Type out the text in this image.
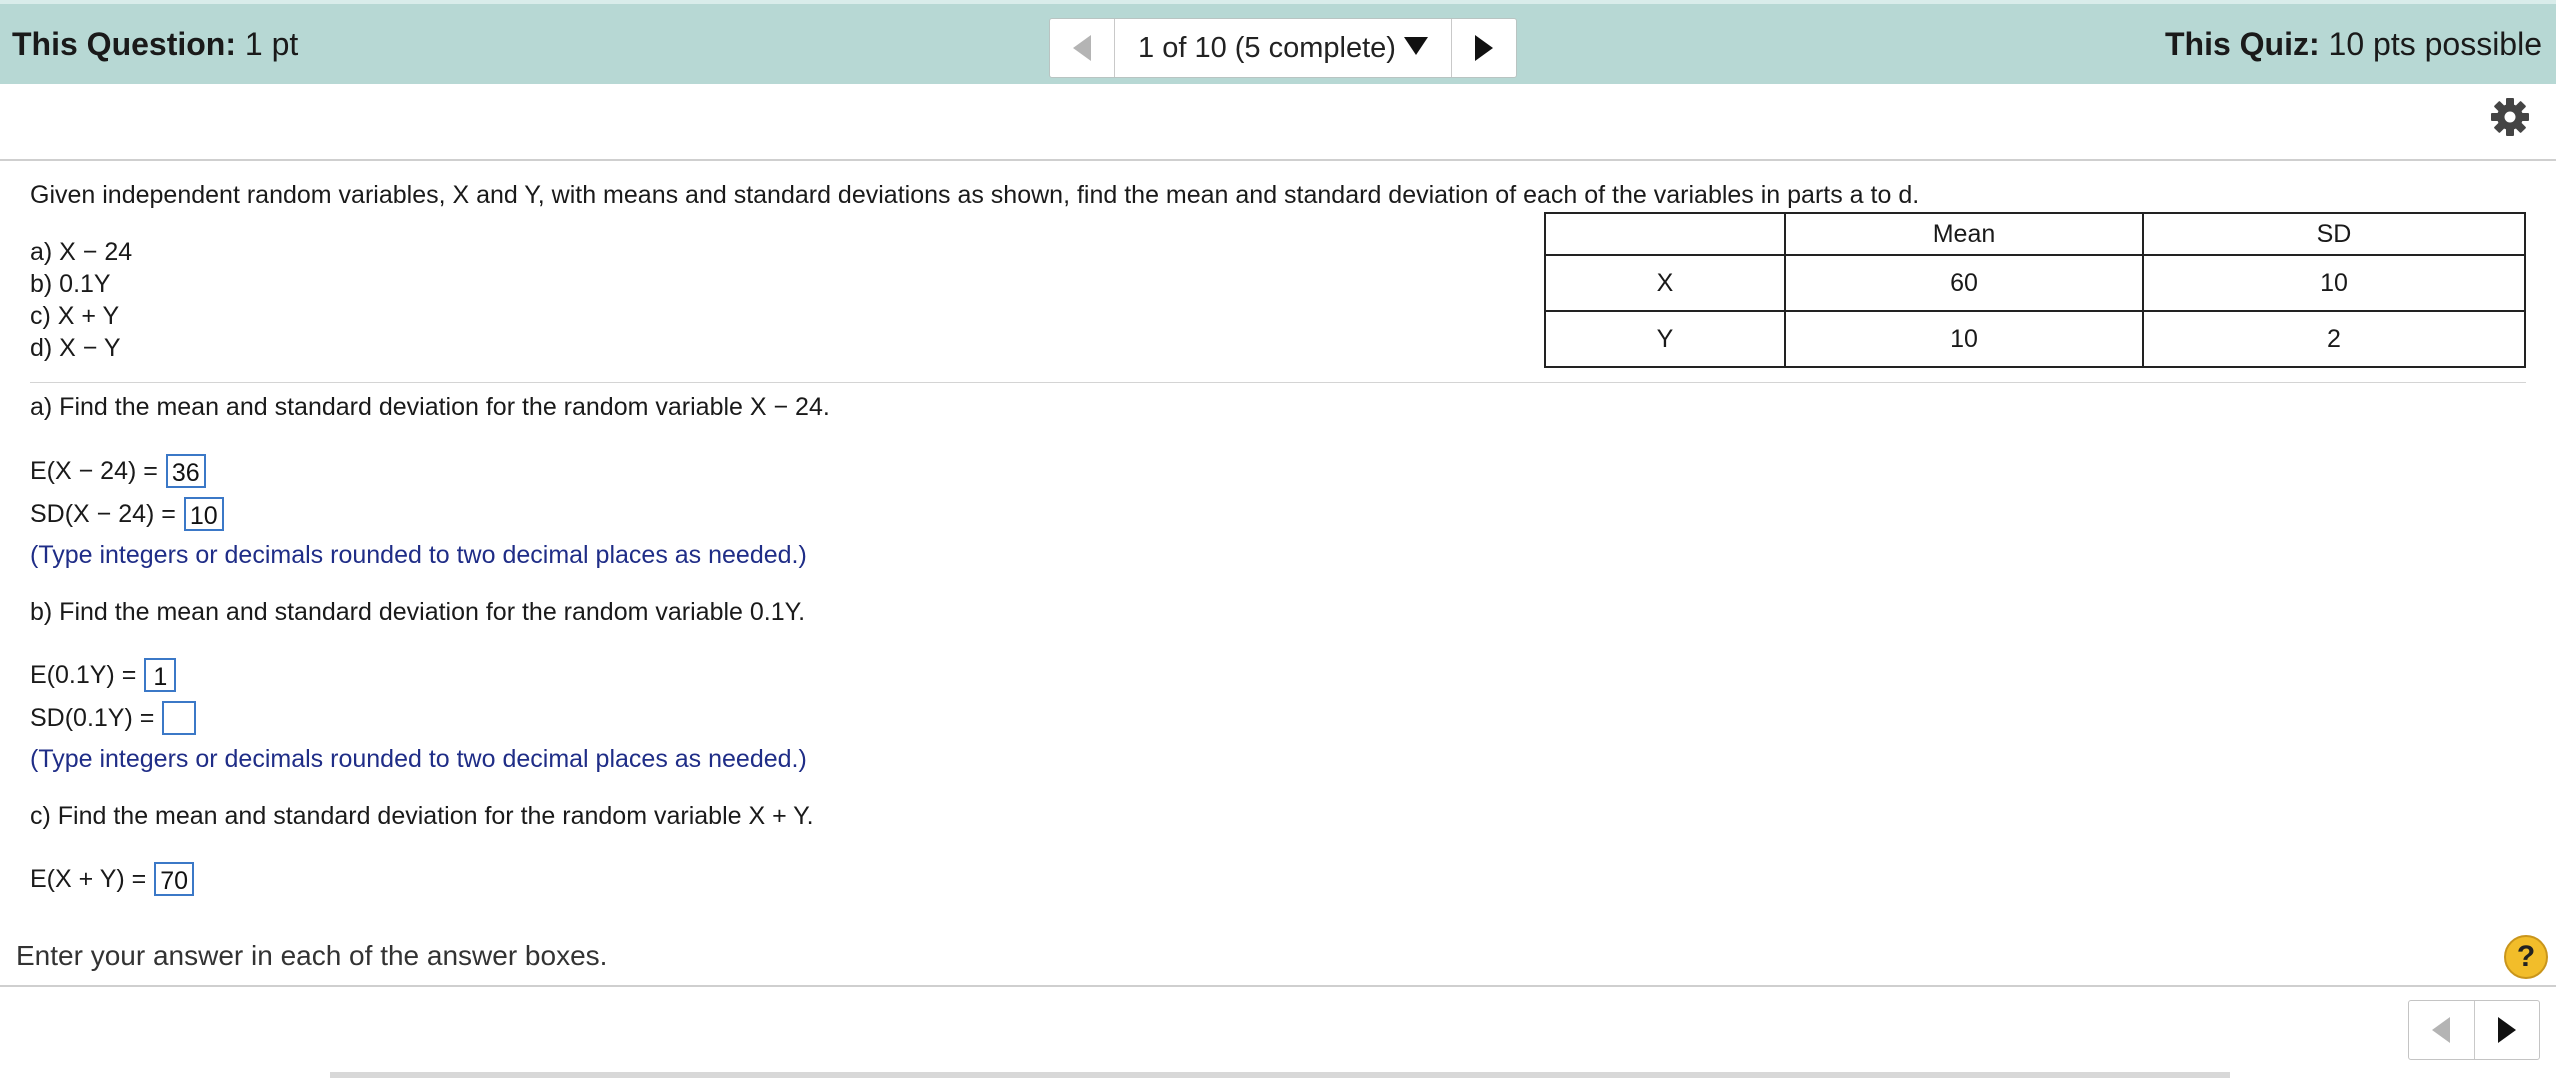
This Question: 1 pt	1 of 10 (5 complete)	This Quiz: 10 pts possible
Given independent random variables, X and Y, with means and standard deviations as shown, find the mean and standard deviation of each of the variables in parts a to d.
a) X − 24
b) 0.1Y
c) X + Y
d) X − Y
	Mean	SD
X	60	10
Y	10	2
a) Find the mean and standard deviation for the random variable X − 24.
E(X − 24) = 36
SD(X − 24) = 10
(Type integers or decimals rounded to two decimal places as needed.)
b) Find the mean and standard deviation for the random variable 0.1Y.
E(0.1Y) = 1
SD(0.1Y) =
(Type integers or decimals rounded to two decimal places as needed.)
c) Find the mean and standard deviation for the random variable X + Y.
E(X + Y) = 70
Enter your answer in each of the answer boxes.	?
